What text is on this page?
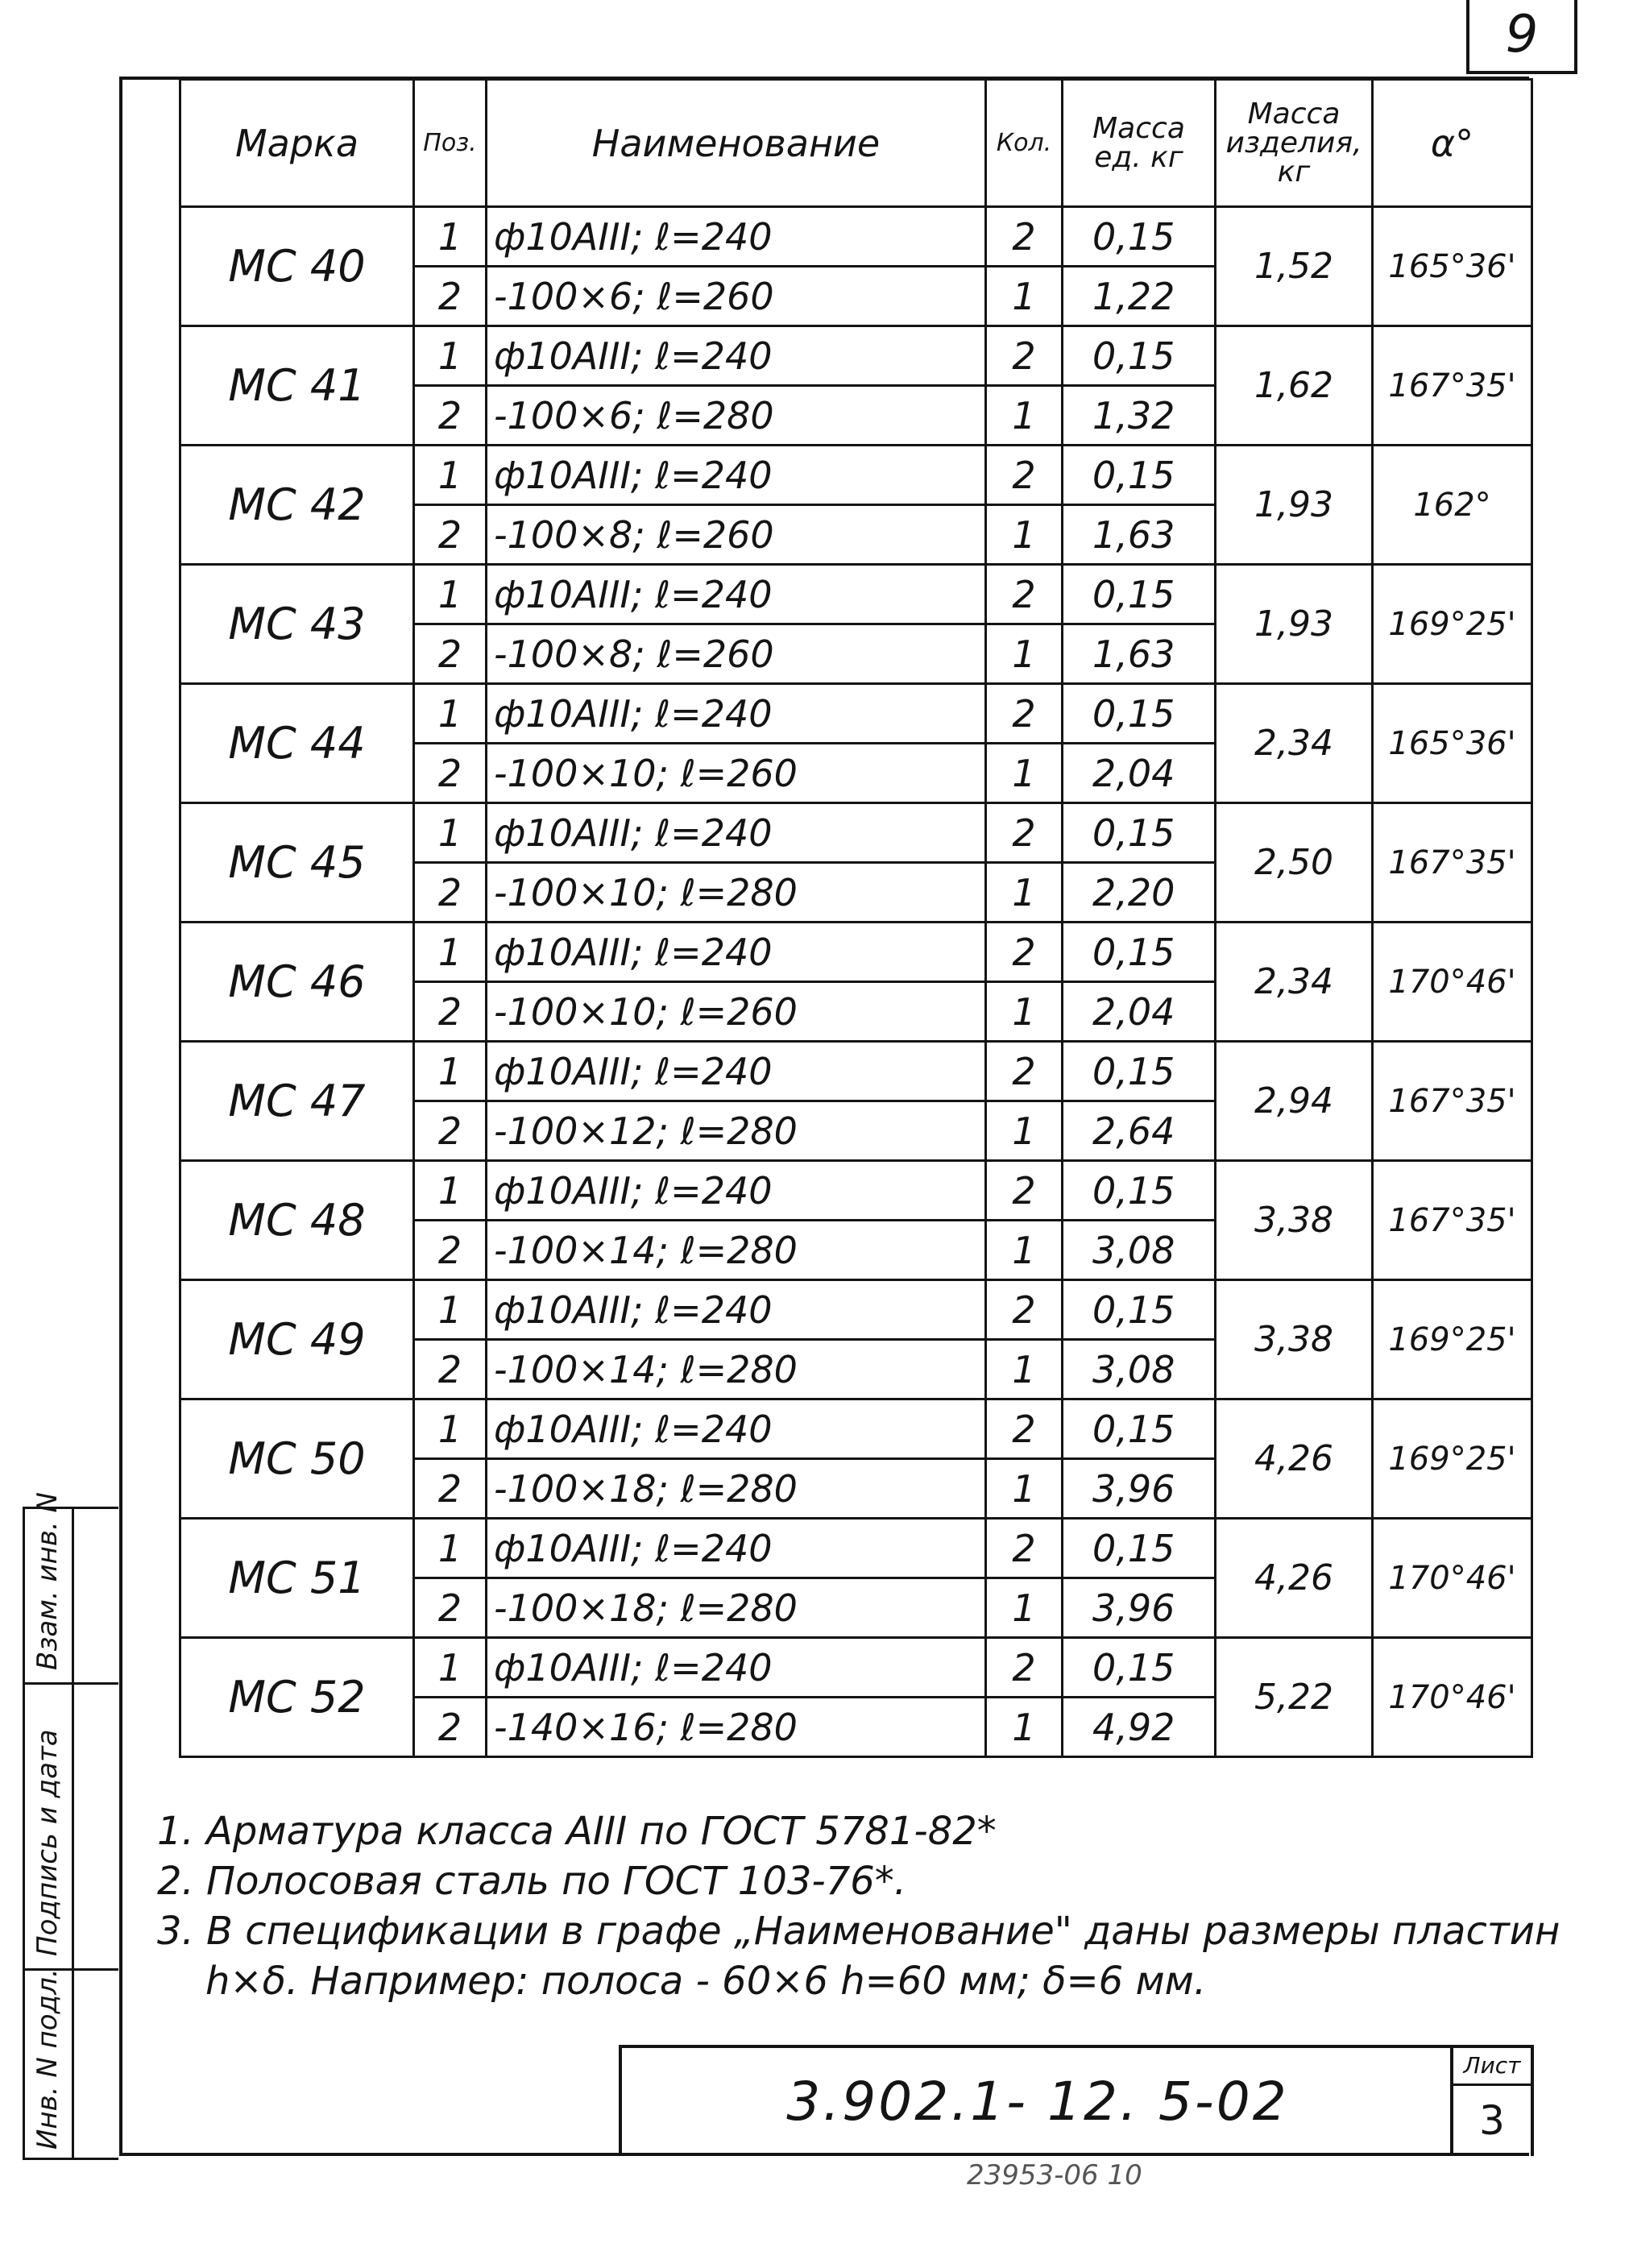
9
Марка	Поз.	Наименование	Кол.	Масса ед. кг	Масса изделия, кг	α°
МС 40	1	ф10АIII; ℓ=240	2	0,15	1,52	165°36'
	2	-100×6; ℓ=260	1	1,22		
МС 41	1	ф10АIII; ℓ=240	2	0,15	1,62	167°35'
	2	-100×6; ℓ=280	1	1,32		
МС 42	1	ф10АIII; ℓ=240	2	0,15	1,93	162°
	2	-100×8; ℓ=260	1	1,63		
МС 43	1	ф10АIII; ℓ=240	2	0,15	1,93	169°25'
	2	-100×8; ℓ=260	1	1,63		
МС 44	1	ф10АIII; ℓ=240	2	0,15	2,34	165°36'
	2	-100×10; ℓ=260	1	2,04		
МС 45	1	ф10АIII; ℓ=240	2	0,15	2,50	167°35'
	2	-100×10; ℓ=280	1	2,20		
МС 46	1	ф10АIII; ℓ=240	2	0,15	2,34	170°46'
	2	-100×10; ℓ=260	1	2,04		
МС 47	1	ф10АIII; ℓ=240	2	0,15	2,94	167°35'
	2	-100×12; ℓ=280	1	2,64		
МС 48	1	ф10АIII; ℓ=240	2	0,15	3,38	167°35'
	2	-100×14; ℓ=280	1	3,08		
МС 49	1	ф10АIII; ℓ=240	2	0,15	3,38	169°25'
	2	-100×14; ℓ=280	1	3,08		
МС 50	1	ф10АIII; ℓ=240	2	0,15	4,26	169°25'
	2	-100×18; ℓ=280	1	3,96		
МС 51	1	ф10АIII; ℓ=240	2	0,15	4,26	170°46'
	2	-100×18; ℓ=280	1	3,96		
МС 52	1	ф10АIII; ℓ=240	2	0,15	5,22	170°46'
	2	-140×16; ℓ=280	1	4,92		

1. Арматура класса АIII по ГОСТ 5781-82*

2. Полосовая сталь по ГОСТ 103-76*.

3. В спецификации в графе „Наименование" даны размеры пластин

h×δ. Например: полоса - 60×6 h=60 мм; δ=6 мм.

3.902.1- 12. 5-02
Лист
3
Взам. инв. N
Подпись и дата
Инв. N подл.
23953-06 10
